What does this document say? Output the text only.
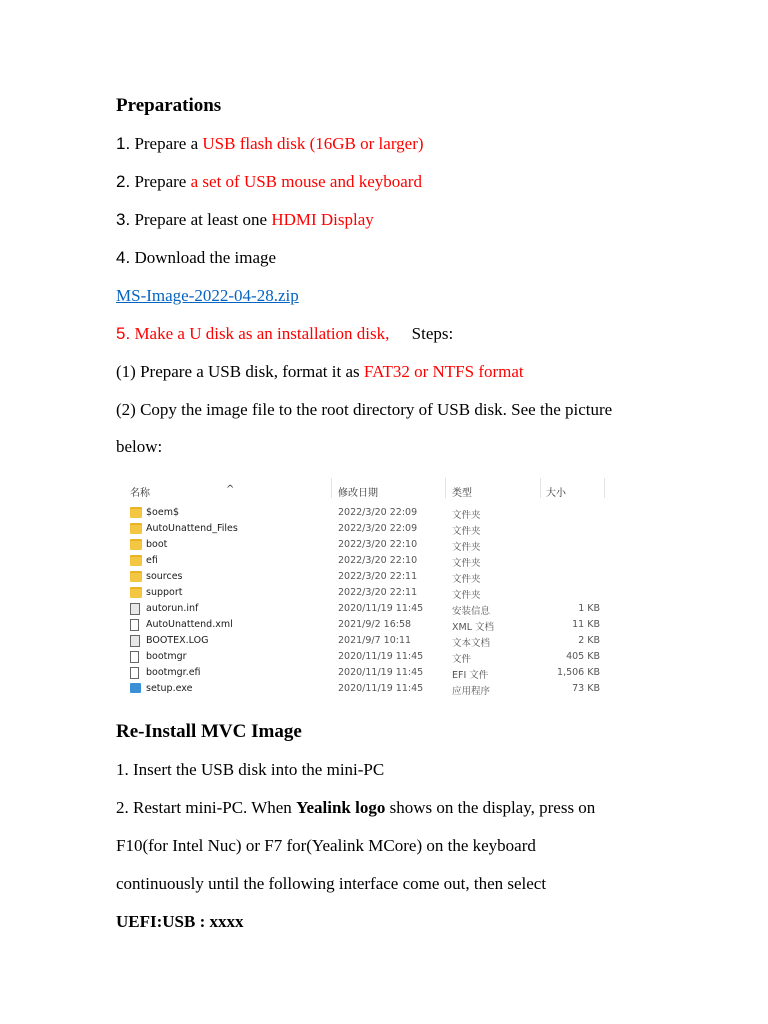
Preparations
1. Prepare a USB flash disk (16GB or larger)
2. Prepare a set of USB mouse and keyboard
3. Prepare at least one HDMI Display
4. Download the image
MS-Image-2022-04-28.zip
5. Make a U disk as an installation disk, Steps:
(1) Prepare a USB disk, format it as FAT32 or NTFS format
(2) Copy the image file to the root directory of USB disk. See the picture
below:
Re-Install MVC Image
1. Insert the USB disk into the mini-PC
2. Restart mini-PC. When Yealink logo shows on the display, press on
F10(for Intel Nuc) or F7 for(Yealink MCore) on the keyboard
continuously until the following interface come out, then select
UEFI:USB : xxxx
名称	^	修改日期	类型	大小
$oem$	2022/3/20 22:09	文件夹
AutoUnattend_Files	2022/3/20 22:09	文件夹
boot	2022/3/20 22:10	文件夹
efi	2022/3/20 22:10	文件夹
sources	2022/3/20 22:11	文件夹
support	2022/3/20 22:11	文件夹
autorun.inf	2020/11/19 11:45	安装信息	1 KB
AutoUnattend.xml	2021/9/2 16:58	XML 文档	11 KB
BOOTEX.LOG	2021/9/7 10:11	文本文档	2 KB
bootmgr	2020/11/19 11:45	文件	405 KB
bootmgr.efi	2020/11/19 11:45	EFI 文件	1,506 KB
setup.exe	2020/11/19 11:45	应用程序	73 KB
